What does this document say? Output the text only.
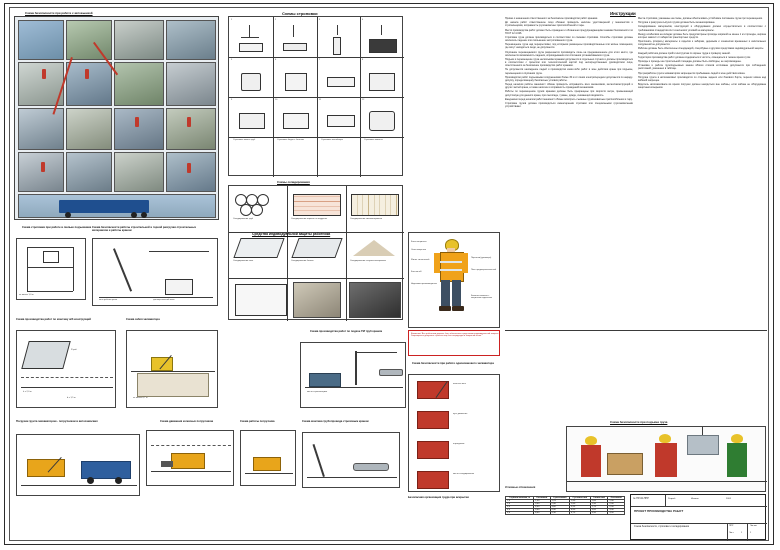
Схема безопасности при работе с автовышкой	Схемы строповки
1	2	3	4
5	6	7	8
9	10	11	12
Строповка пакета труб	Строповка бадьи с бетоном	Строповка контейнера	Строповка емкости
Схемы складирования
Складирование труб	Складирование кирпича на поддонах	Складирование пиломатериалов
Складирование плит	Складирование блоков	Складирование сыпучих материалов
Средства индивидуальной защиты работника
Каска защитная
Очки защитные
Жилет сигнальный
Костюм х/б
Перчатки (рукавицы)
Пояс предохранительный
Ботинки кожаные с защитным подноском
Наушники противошумные
Внимание! Все работники должны быть обеспечены средствами индивидуальной защиты. Запрещается допускать к работе лиц без спецодежды и защитной каски.
Инструкции

Приказ о назначении ответственного за безопасное производство работ кранами.

До начала работ ответственное лицо обязано проверить наличие удостоверений у машинистов и стропальщиков, исправность грузозахватных приспособлений и тары.

Место производства работ должно быть ограждено и обозначено предупреждающими знаками безопасности по ГОСТ 12.4.026.

Строповка груза должна производиться в соответствии со схемами строповки. Способы строповки должны исключать падение или скольжение застропованного груза.

Перемещение груза над перекрытиями, под которыми размещены производственные или жилые помещения, где могут находиться люди, не допускается.

Опускание перемещаемого груза разрешается производить лишь на предназначенное для этого место, где исключается возможность падения, опрокидывания или сползания устанавливаемого груза.

Подъем и перемещение груза несколькими кранами допускается в отдельных случаях и должны производиться в соответствии с проектом или технологической картой под непосредственным руководством лица, ответственного за безопасное производство работ кранами.

Не допускается нахождение людей и производство каких-либо работ в зоне действия крана при подъеме, перемещении и опускании груза.

Производство работ подъемными сооружениями ближе 30 м от линии электропередачи допускается по наряду-допуску, определяющему безопасные условия работы.

Перед началом работы машинист обязан проверить исправность всех механизмов, металлоконструкций и других частей крана, а также наличие и исправность ограждений механизмов.

Работы по перемещению грузов кранами должны быть прекращены при скорости ветра, превышающей допустимую для данного крана, при снегопаде, тумане, дожде, снижающих видимость.

Ежедневно перед началом работ машинист обязан осмотреть съемные грузозахватные приспособления и тару.

Строповка грузов должна производиться инвентарными стропами или специальными грузозахватными устройствами.

Места строповки, указанные на схеме, должны обеспечивать устойчивое положение груза при перемещении.

Погрузка и разгрузка сыпучих грузов должна быть механизирована.

Складирование материалов, конструкций и оборудования должно осуществляться в соответствии с требованиями стандартов или технических условий на материалы.

Между штабелями на складах должны быть предусмотрены проходы шириной не менее 1 м и проезды, ширина которых зависит от габаритов транспортных средств.

Прислонять (опирать) материалы и изделия к заборам, деревьям и элементам временных и капитальных сооружений не допускается.

Рабочие должны быть обеспечены спецодеждой, спецобувью и другими средствами индивидуальной защиты.

Каждый работник должен пройти инструктаж по охране труда и проверку знаний.

Территория производства работ должна содержаться в чистоте, освещаться в темное время суток.

Проходы и проезды на строительной площадке должны быть свободны, не загромождены.

Установка и работа грузоподъемных машин вблизи откосов котлована допускается при соблюдении расстояний, указанных в таблице.

При разработке грунта экскаватором запрещается пребывание людей в зоне действия ковша.

Погрузка грунта в автосамосвал производится со стороны заднего или бокового борта, перенос ковша над кабиной запрещен.

Водитель автосамосвала во время погрузки должен находиться вне кабины, если кабина не оборудована защитным козырьком.

Схема безопасности при подъеме груза
Схема строповки при работе в люльке подъемника
не менее 1,0 м
Схема безопасности работы строительной и горной разгрузки строительных материалов и работы краном
граница опасной зоны
зона работы крана
Схема производства работ по монтажу ж/б конструкций
R раб.
h = 2,0 м
b = 1,5 м
Схема забоя экскаватора
не менее 0,7 м
Схема производства работ по подаче ГМ труб краном
место стропальщика
Схема безопасности при работе одноковшового экскаватора
опасная зона
путь движения
ограждение
место складирования
Схема движения колесных погрузчиков	Схема работы погрузчика	Схема монтажа трубопровода стреловым краном
Погрузка грунта экскаватором - погрузчиком в автосамосвал
Безопасная организация труда при вскрытии	Глубина выемки, м	Песчаный	Супесчаный	Суглинистый	Глинистый	Лессовый
1,0	1,50	1,25	1,00	1,00	1,00
2,0	3,00	2,40	2,00	1,50	2,00
3,0	4,00	3,60	3,25	1,75	2,50
4,0	5,00	4,40	4,00	3,00	3,00
5,0	6,00	5,30	4,75	3,50	3,50
Условные обозначения
№ ПР-02-ППР	Разраб.	Иванов	2024
ПРОЕКТ ПРОИЗВОДСТВА РАБОТ
Схема безопасности, строповки и складирования	ППР
Лист	1
Листов
1
